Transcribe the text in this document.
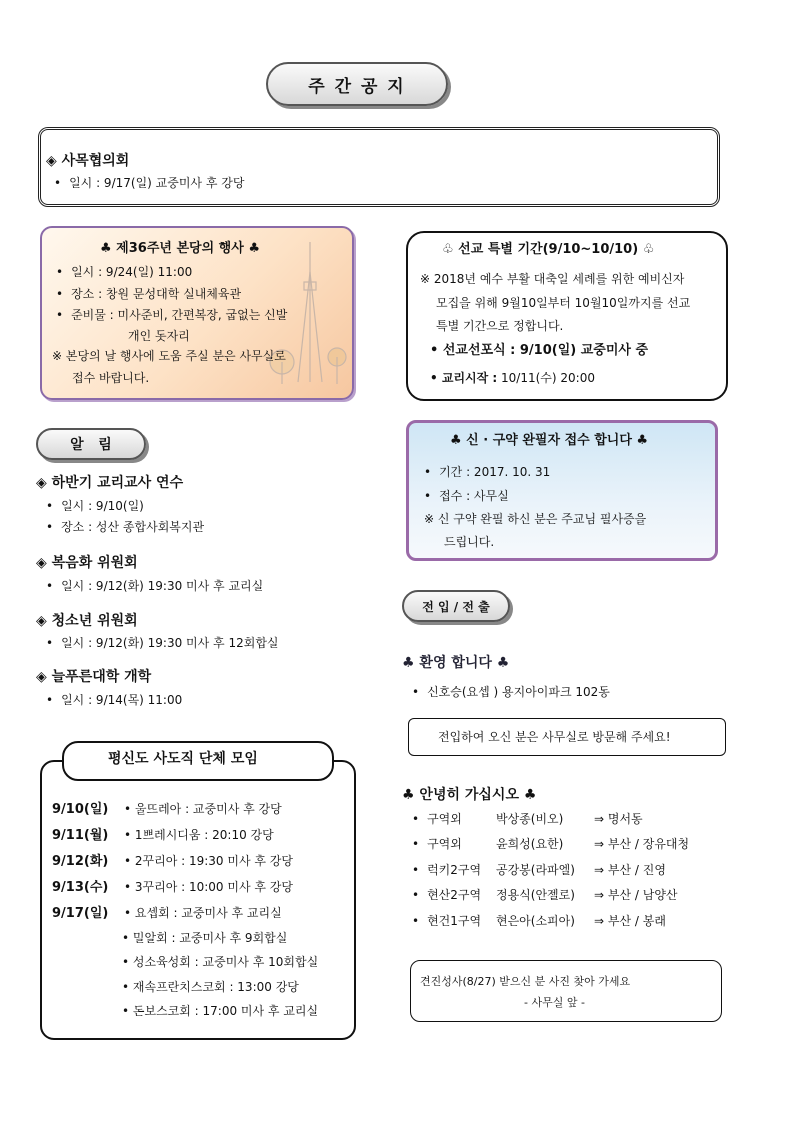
주 간 공 지
◈ 사목협의회
• 일시 : 9/17(일) 교중미사 후 강당
♣ 제36주년 본당의 행사 ♣
• 일시 : 9/24(일) 11:00
• 장소 : 창원 문성대학 실내체육관
• 준비물 : 미사준비, 간편복장, 굽없는 신발
개인 돗자리
※ 본당의 날 행사에 도움 주실 분은 사무실로
접수 바랍니다.
♧ 선교 특별 기간(9/10~10/10) ♧
※ 2018년 예수 부활 대축일 세례를 위한 예비신자
모집을 위해 9월10일부터 10월10일까지를 선교
특별 기간으로 정합니다.
• 선교선포식 : 9/10(일) 교중미사 중
• 교리시작 : 10/11(수) 20:00
알   림	♣ 신 · 구약 완필자 접수 합니다 ♣
• 기간 : 2017. 10. 31
• 접수 : 사무실
※ 신 구약 완필 하신 분은 주교님 필사증을
드립니다.
◈ 하반기 교리교사 연수
• 일시 : 9/10(일)
• 장소 : 성산 종합사회복지관
◈ 복음화 위원회
• 일시 : 9/12(화) 19:30 미사 후 교리실
◈ 청소년 위원회
• 일시 : 9/12(화) 19:30 미사 후 12회합실
◈ 늘푸른대학 개학
• 일시 : 9/14(목) 11:00
전 입 / 전 출
♣ 환영 합니다 ♣
• 신호승(요셉 ) 용지아이파크 102동
전입하여 오신 분은 사무실로 방문해 주세요!
♣ 안녕히 가십시오 ♣
• 구역외	박상종(비오)	⇒ 명서동
• 구역외	윤희성(요한)	⇒ 부산 / 장유대청
• 럭키2구역 공강봉(라파엘) ⇒ 부산 / 진영
• 현산2구역 정용식(안젤로) ⇒ 부산 / 남양산
• 현건1구역 현은아(소피아) ⇒ 부산 / 봉래
견진성사(8/27) 받으신 분 사진 찾아 가세요
- 사무실 앞 -
평신도 사도직 단체 모임
9/10(일) • 울뜨레아 : 교중미사 후 강당
9/11(월) • 1쁘레시디움 : 20:10 강당
9/12(화) • 2꾸리아 : 19:30 미사 후 강당
9/13(수) • 3꾸리아 : 10:00 미사 후 강당
9/17(일) • 요셉회 : 교중미사 후 교리실
• 밀알회 : 교중미사 후 9회합실
• 성소육성회 : 교중미사 후 10회합실
• 재속프란치스코회 : 13:00 강당
• 돈보스코회 : 17:00 미사 후 교리실
